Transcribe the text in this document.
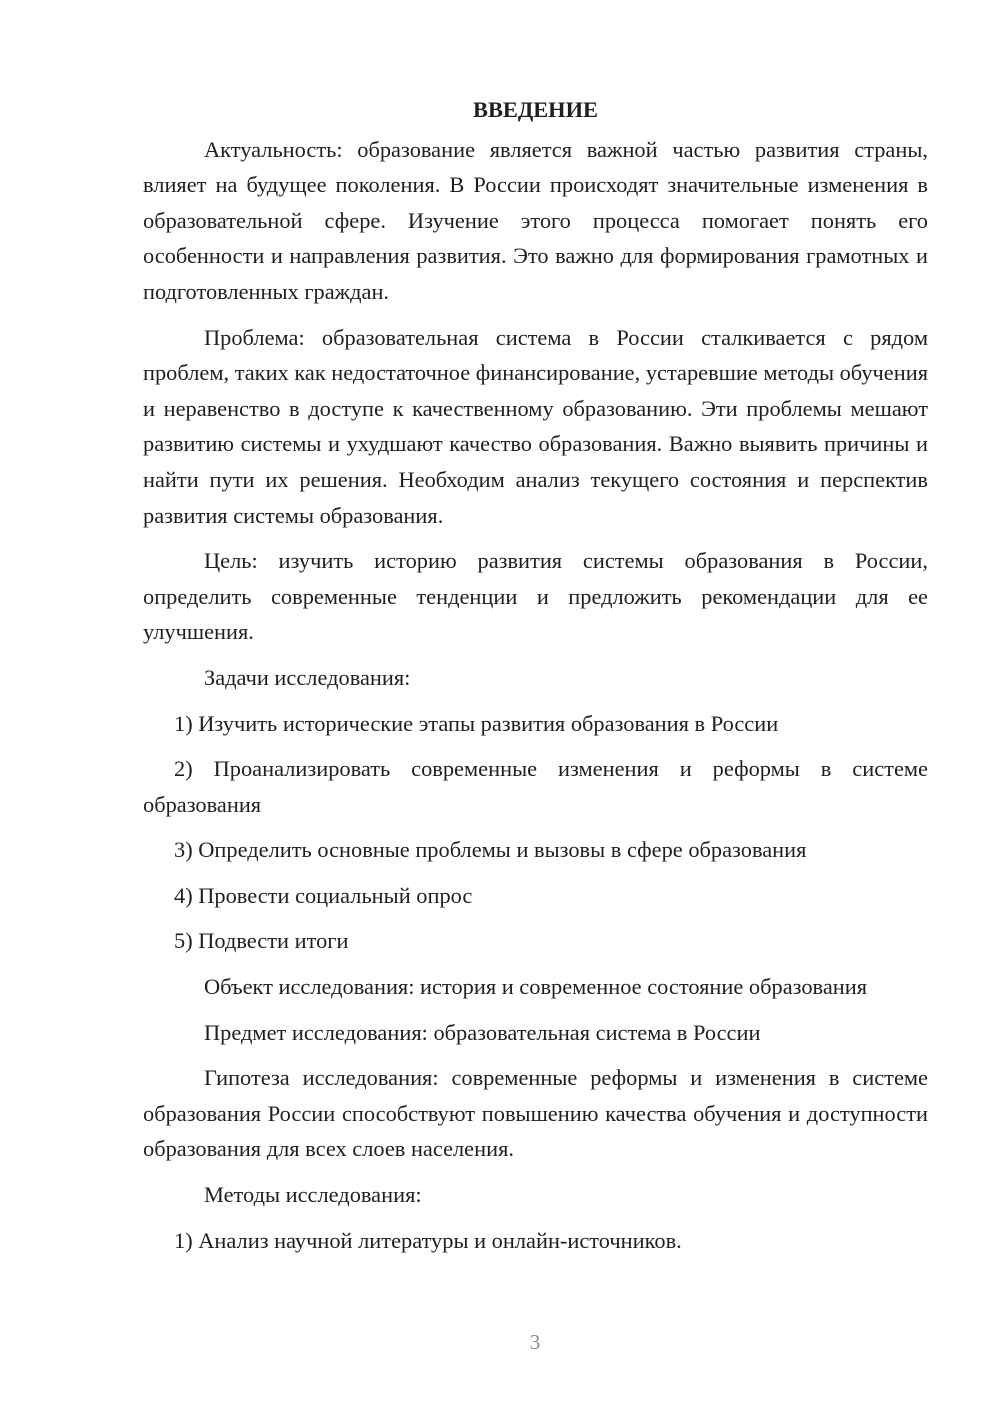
ВВЕДЕНИЕ

Актуальность: образование является важной частью развития страны, влияет на будущее поколения. В России происходят значительные изменения в образовательной сфере. Изучение этого процесса помогает понять его особенности и направления развития. Это важно для формирования грамотных и подготовленных граждан.

Проблема: образовательная система в России сталкивается с рядом проблем, таких как недостаточное финансирование, устаревшие методы обучения и неравенство в доступе к качественному образованию. Эти проблемы мешают развитию системы и ухудшают качество образования. Важно выявить причины и найти пути их решения. Необходим анализ текущего состояния и перспектив развития системы образования.

Цель: изучить историю развития системы образования в России, определить современные тенденции и предложить рекомендации для ее улучшения.

Задачи исследования:

1) Изучить исторические этапы развития образования в России

2) Проанализировать современные изменения и реформы в системе образования

3) Определить основные проблемы и вызовы в сфере образования

4) Провести социальный опрос

5) Подвести итоги

Объект исследования: история и современное состояние образования

Предмет исследования: образовательная система в России

Гипотеза исследования: современные реформы и изменения в системе образования России способствуют повышению качества обучения и доступности образования для всех слоев населения.

Методы исследования:

1) Анализ научной литературы и онлайн-источников.

3
